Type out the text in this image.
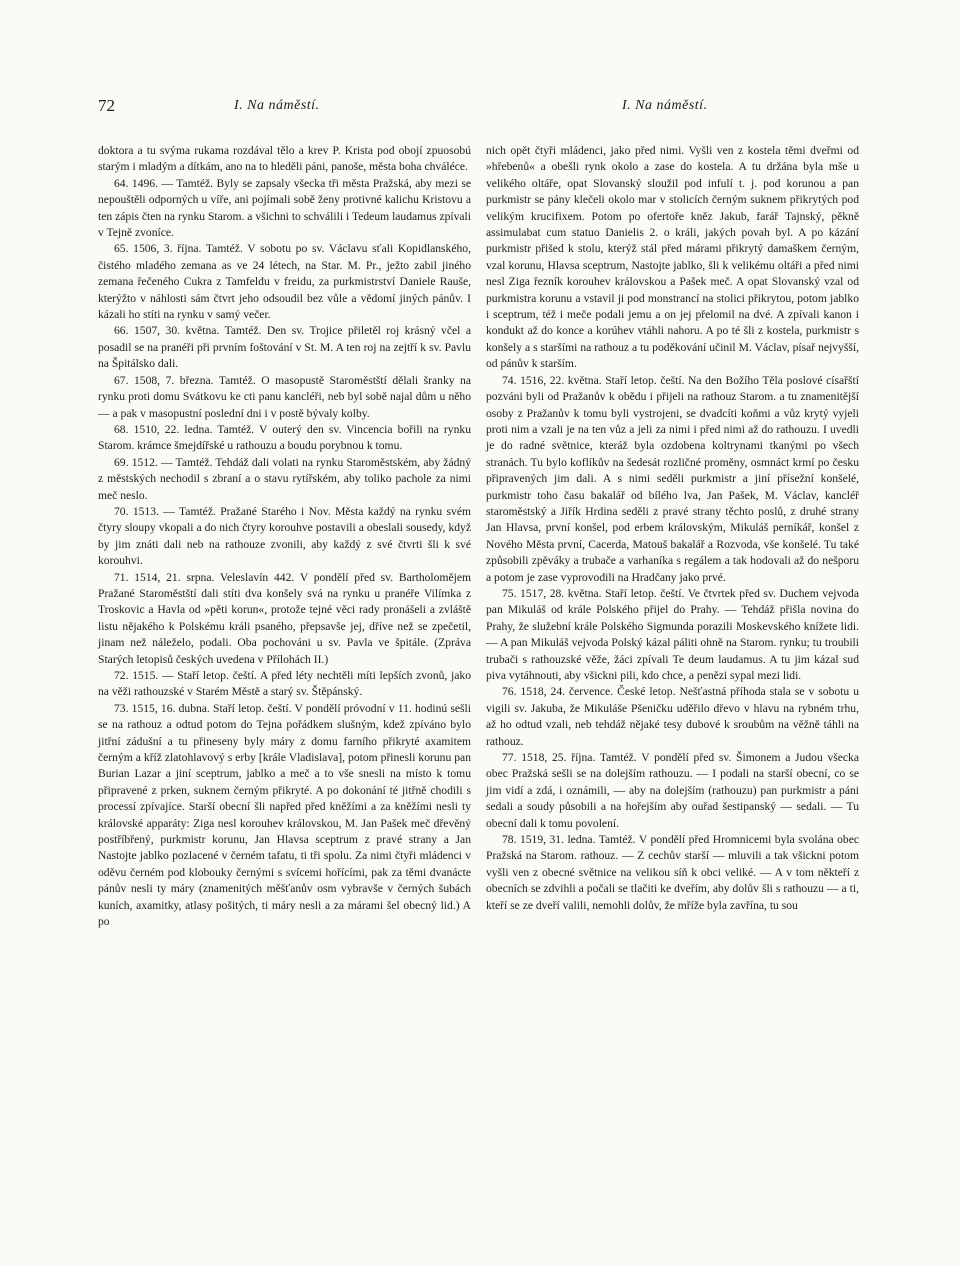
72	I. Na náměstí.	I. Na náměstí.

doktora a tu svýma rukama rozdával tělo a krev P. Krista pod obojí zpuosobú starým i mladým a dítkám, ano na to hleděli páni, panoše, města boha chváléce.

64. 1496. — Tamtéž. Byly se zapsaly všecka tři města Pražská, aby mezi se nepouštěli odporných u víře, ani pojímali sobě ženy protivné kalichu Kristovu a ten zápis čten na rynku Starom. a všichni to schválili i Tedeum laudamus zpívali v Tejně zvoníce.

65. 1506, 3. října. Tamtéž. V sobotu po sv. Václavu sťali Kopidlanského, čistého mladého zemana as ve 24 létech, na Star. M. Pr., ježto zabil jiného zemana řečeného Cukra z Tamfeldu v freidu, za purkmistrství Daniele Rauše, kterýžto v náhlosti sám čtvrt jeho odsoudil bez vůle a vědomí jiných pánův. I kázali ho stíti na rynku v samý večer.

66. 1507, 30. května. Tamtéž. Den sv. Trojice přiletěl roj krásný včel a posadil se na pranéři při prvním foštování v St. M. A ten roj na zejtří k sv. Pavlu na Špitálsko dali.

67. 1508, 7. března. Tamtéž. O masopustě Staroměstští dělali šranky na rynku proti domu Svátkovu ke cti panu kancléři, neb byl sobě najal dům u něho — a pak v masopustní poslední dni i v postě bývaly kolby.

68. 1510, 22. ledna. Tamtéž. V outerý den sv. Vincencia bořili na rynku Starom. krámce šmejdířské u rathouzu a boudu porybnou k tomu.

69. 1512. — Tamtéž. Tehdáž dali volati na rynku Staroměstském, aby žádný z městských nechodil s zbraní a o stavu rytířském, aby toliko pachole za nimi meč neslo.

70. 1513. — Tamtéž. Pražané Starého i Nov. Města každý na rynku svém čtyry sloupy vkopali a do nich čtyry korouhve postavili a obeslali sousedy, když by jim znáti dali neb na rathouze zvonili, aby každý z své čtvrti šli k své korouhvi.

71. 1514, 21. srpna. Veleslavín 442. V pondělí před sv. Bartholomějem Pražané Staroměstští dali stíti dva konšely svá na rynku u pranéře Vilímka z Troskovic a Havla od »pěti korun«, protože tejné věci rady pronášeli a zvláště listu nějakého k Polskému králi psaného, přepsavše jej, dříve než se zpečetil, jinam než náleželo, podali. Oba pochováni u sv. Pavla ve špitále. (Zpráva Starých letopisů českých uvedena v Přílohách II.)

72. 1515. — Staří letop. čeští. A před léty nechtěli míti lepších zvonů, jako na věži rathouzské v Starém Městě a starý sv. Štěpánský.

73. 1515, 16. dubna. Staří letop. čeští. V pondělí próvodní v 11. hodinú sešli se na rathouz a odtud potom do Tejna pořádkem slušným, kdež zpíváno bylo jitřní zádušní a tu přineseny byly máry z domu farního přikryté axamitem černým a kříž zlatohlavový s erby [krále Vladislava], potom přinesli korunu pan Burian Lazar a jiní sceptrum, jablko a meč a to vše snesli na místo k tomu připravené z prken, suknem černým přikryté. A po dokonání té jitřně chodili s processí zpívajíce. Starší obecní šli napřed před kněžími a za kněžími nesli ty královské apparáty: Ziga nesl korouhev královskou, M. Jan Pašek meč dřevěný postříbřený, purkmistr korunu, Jan Hlavsa sceptrum z pravé strany a Jan Nastojte jablko pozlacené v černém tafatu, ti tři spolu. Za nimi čtyři mládenci v oděvu černém pod klobouky černými s svícemi hořícími, pak za těmi dvanácte pánův nesli ty máry (znamenitých měšťanův osm vybravše v černých šubách kuních, axamitky, atlasy pošitých, ti máry nesli a za márami šel obecný lid.) A po

nich opět čtyři mládenci, jako před nimi. Vyšli ven z kostela těmi dveřmi od »hřebenů« a obešli rynk okolo a zase do kostela. A tu držána byla mše u velikého oltáře, opat Slovanský sloužil pod infulí t. j. pod korunou a pan purkmistr se pány klečeli okolo mar v stolicích černým suknem přikrytých pod velikým krucifixem. Potom po ofertoře kněz Jakub, farář Tajnský, pěkně assimulabat cum statuo Danielis 2. o králi, jakých povah byl. A po kázání purkmistr přišed k stolu, kterýž stál před márami přikrytý damaškem černým, vzal korunu, Hlavsa sceptrum, Nastojte jablko, šli k velikému oltáři a před nimi nesl Ziga řezník korouhev královskou a Pašek meč. A opat Slovanský vzal od purkmistra korunu a vstavil ji pod monstrancí na stolici přikrytou, potom jablko i sceptrum, též i meče podali jemu a on jej přelomil na dvé. A zpívali kanon i kondukt až do konce a korúhev vtáhli nahoru. A po té šli z kostela, purkmistr s konšely a s staršími na rathouz a tu poděkování učinil M. Václav, písař nejvyšší, od pánův k starším.

74. 1516, 22. května. Staří letop. čeští. Na den Božího Těla poslové císařští pozváni byli od Pražanův k obědu i přijeli na rathouz Starom. a tu znamenitější osoby z Pražanův k tomu byli vystrojeni, se dvadcíti koňmi a vůz krytý vyjeli proti nim a vzali je na ten vůz a jeli za nimi i před nimi až do rathouzu. I uvedli je do radné světnice, kteráž byla ozdobena koltrynami tkanými po všech stranách. Tu bylo koflíkův na šedesát rozličné proměny, osmnáct krmí po česku připravených jim dali. A s nimi seděli purkmistr a jiní přísežní konšelé, purkmistr toho času bakalář od bílého lva, Jan Pašek, M. Václav, kancléř staroměstský a Jiřík Hrdina seděli z pravé strany těchto poslů, z druhé strany Jan Hlavsa, první konšel, pod erbem královským, Mikuláš perníkář, konšel z Nového Města první, Cacerda, Matouš bakalář a Rozvoda, vše konšelé. Tu také způsobili zpěváky a trubače a varhaníka s regálem a tak hodovali až do nešporu a potom je zase vyprovodili na Hradčany jako prvé.

75. 1517, 28. května. Staří letop. čeští. Ve čtvrtek před sv. Duchem vejvoda pan Mikuláš od krále Polského přijel do Prahy. — Tehdáž přišla novina do Prahy, že služební krále Polského Sigmunda porazili Moskevského knížete lidi. — A pan Mikuláš vejvoda Polský kázal páliti ohně na Starom. rynku; tu troubili trubači s rathouzské věže, žáci zpívali Te deum laudamus. A tu jim kázal sud piva vytáhnouti, aby všickni pili, kdo chce, a penězi sypal mezi lidi.

76. 1518, 24. července. České letop. Nešťastná příhoda stala se v sobotu u vigili sv. Jakuba, že Mikuláše Pšeničku uděřilo dřevo v hlavu na rybném trhu, až ho odtud vzali, neb tehdáž nějaké tesy dubové k sroubům na věžně táhli na rathouz.

77. 1518, 25. října. Tamtéž. V pondělí před sv. Šimonem a Judou všecka obec Pražská sešli se na dolejším rathouzu. — I podali na starší obecní, co se jim vidí a zdá, i oznámili, — aby na dolejším (rathouzu) pan purkmistr a páni sedali a soudy působili a na hořejším aby ouřad šestipanský — sedali. — Tu obecní dali k tomu povolení.

78. 1519, 31. ledna. Tamtéž. V pondělí před Hromnicemi byla svolána obec Pražská na Starom. rathouz. — Z cechův starší — mluvili a tak všickni potom vyšli ven z obecné světnice na velikou síň k obci veliké. — A v tom někteří z obecních se zdvihli a počali se tlačiti ke dveřím, aby dolův šli s rathouzu — a ti, kteří se ze dveří valili, nemohli dolův, že mříže byla zavřína, tu sou
